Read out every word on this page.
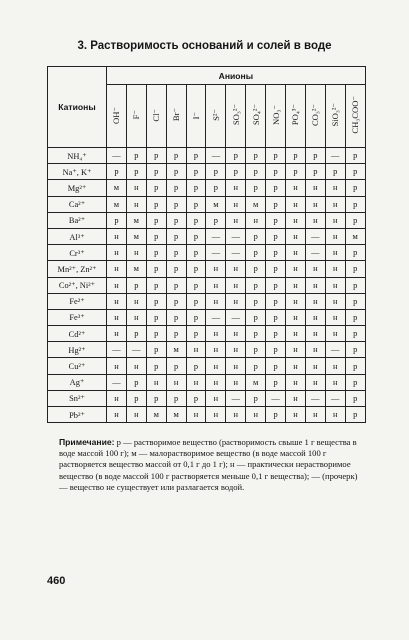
3. Растворимость оснований и солей в воде
Катионы	Анионы												
	OH⁻	F⁻	Cl⁻	Br⁻	I⁻	S²⁻	SO₃²⁻	SO₄²⁻	NO₃⁻	PO₄³⁻	CO₃²⁻	SiO₃²⁻	CH₃COO⁻
NH₄⁺	—	р	р	р	р	—	р	р	р	р	р	—	р
Na⁺, K⁺	р	р	р	р	р	р	р	р	р	р	р	р	р
Mg²⁺	м	н	р	р	р	р	н	р	р	н	н	н	р
Ca²⁺	м	н	р	р	р	м	н	м	р	н	н	н	р
Ba²⁺	р	м	р	р	р	р	н	н	р	н	н	н	р
Al³⁺	н	м	р	р	р	—	—	р	р	н	—	н	м
Cr³⁺	н	н	р	р	р	—	—	р	р	н	—	н	р
Mn²⁺, Zn²⁺	н	м	р	р	р	н	н	р	р	н	н	н	р
Co²⁺, Ni²⁺	н	р	р	р	р	н	н	р	р	н	н	н	р
Fe²⁺	н	н	р	р	р	н	н	р	р	н	н	н	р
Fe³⁺	н	н	р	р	р	—	—	р	р	н	н	н	р
Cd²⁺	н	р	р	р	р	н	н	р	р	н	н	н	р
Hg²⁺	—	—	р	м	н	н	н	р	р	н	н	—	р
Cu²⁺	н	н	р	р	р	н	н	р	р	н	н	н	р
Ag⁺	—	р	н	н	н	н	н	м	р	н	н	н	р
Sn²⁺	н	р	р	р	р	н	—	р	—	н	—	—	р
Pb²⁺	н	н	м	м	н	н	н	н	р	н	н	н	р
Примечание: р — растворимое вещество (растворимость свыше 1 г вещества в воде массой 100 г); м — малорастворимое вещество (в воде массой 100 г растворяется вещество массой от 0,1 г до 1 г); н — практически нерастворимое вещество (в воде массой 100 г растворяется меньше 0,1 г вещества); — (прочерк) — вещество не существует или разлагается водой.
460
